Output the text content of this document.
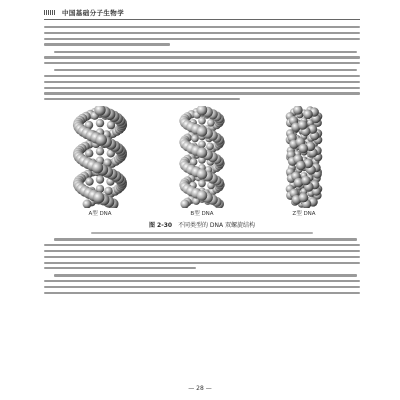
中国基础分子生物学
A型 DNA	B型 DNA	Z型 DNA
图 2-30 不同类型的 DNA 双螺旋结构
— 28 —
